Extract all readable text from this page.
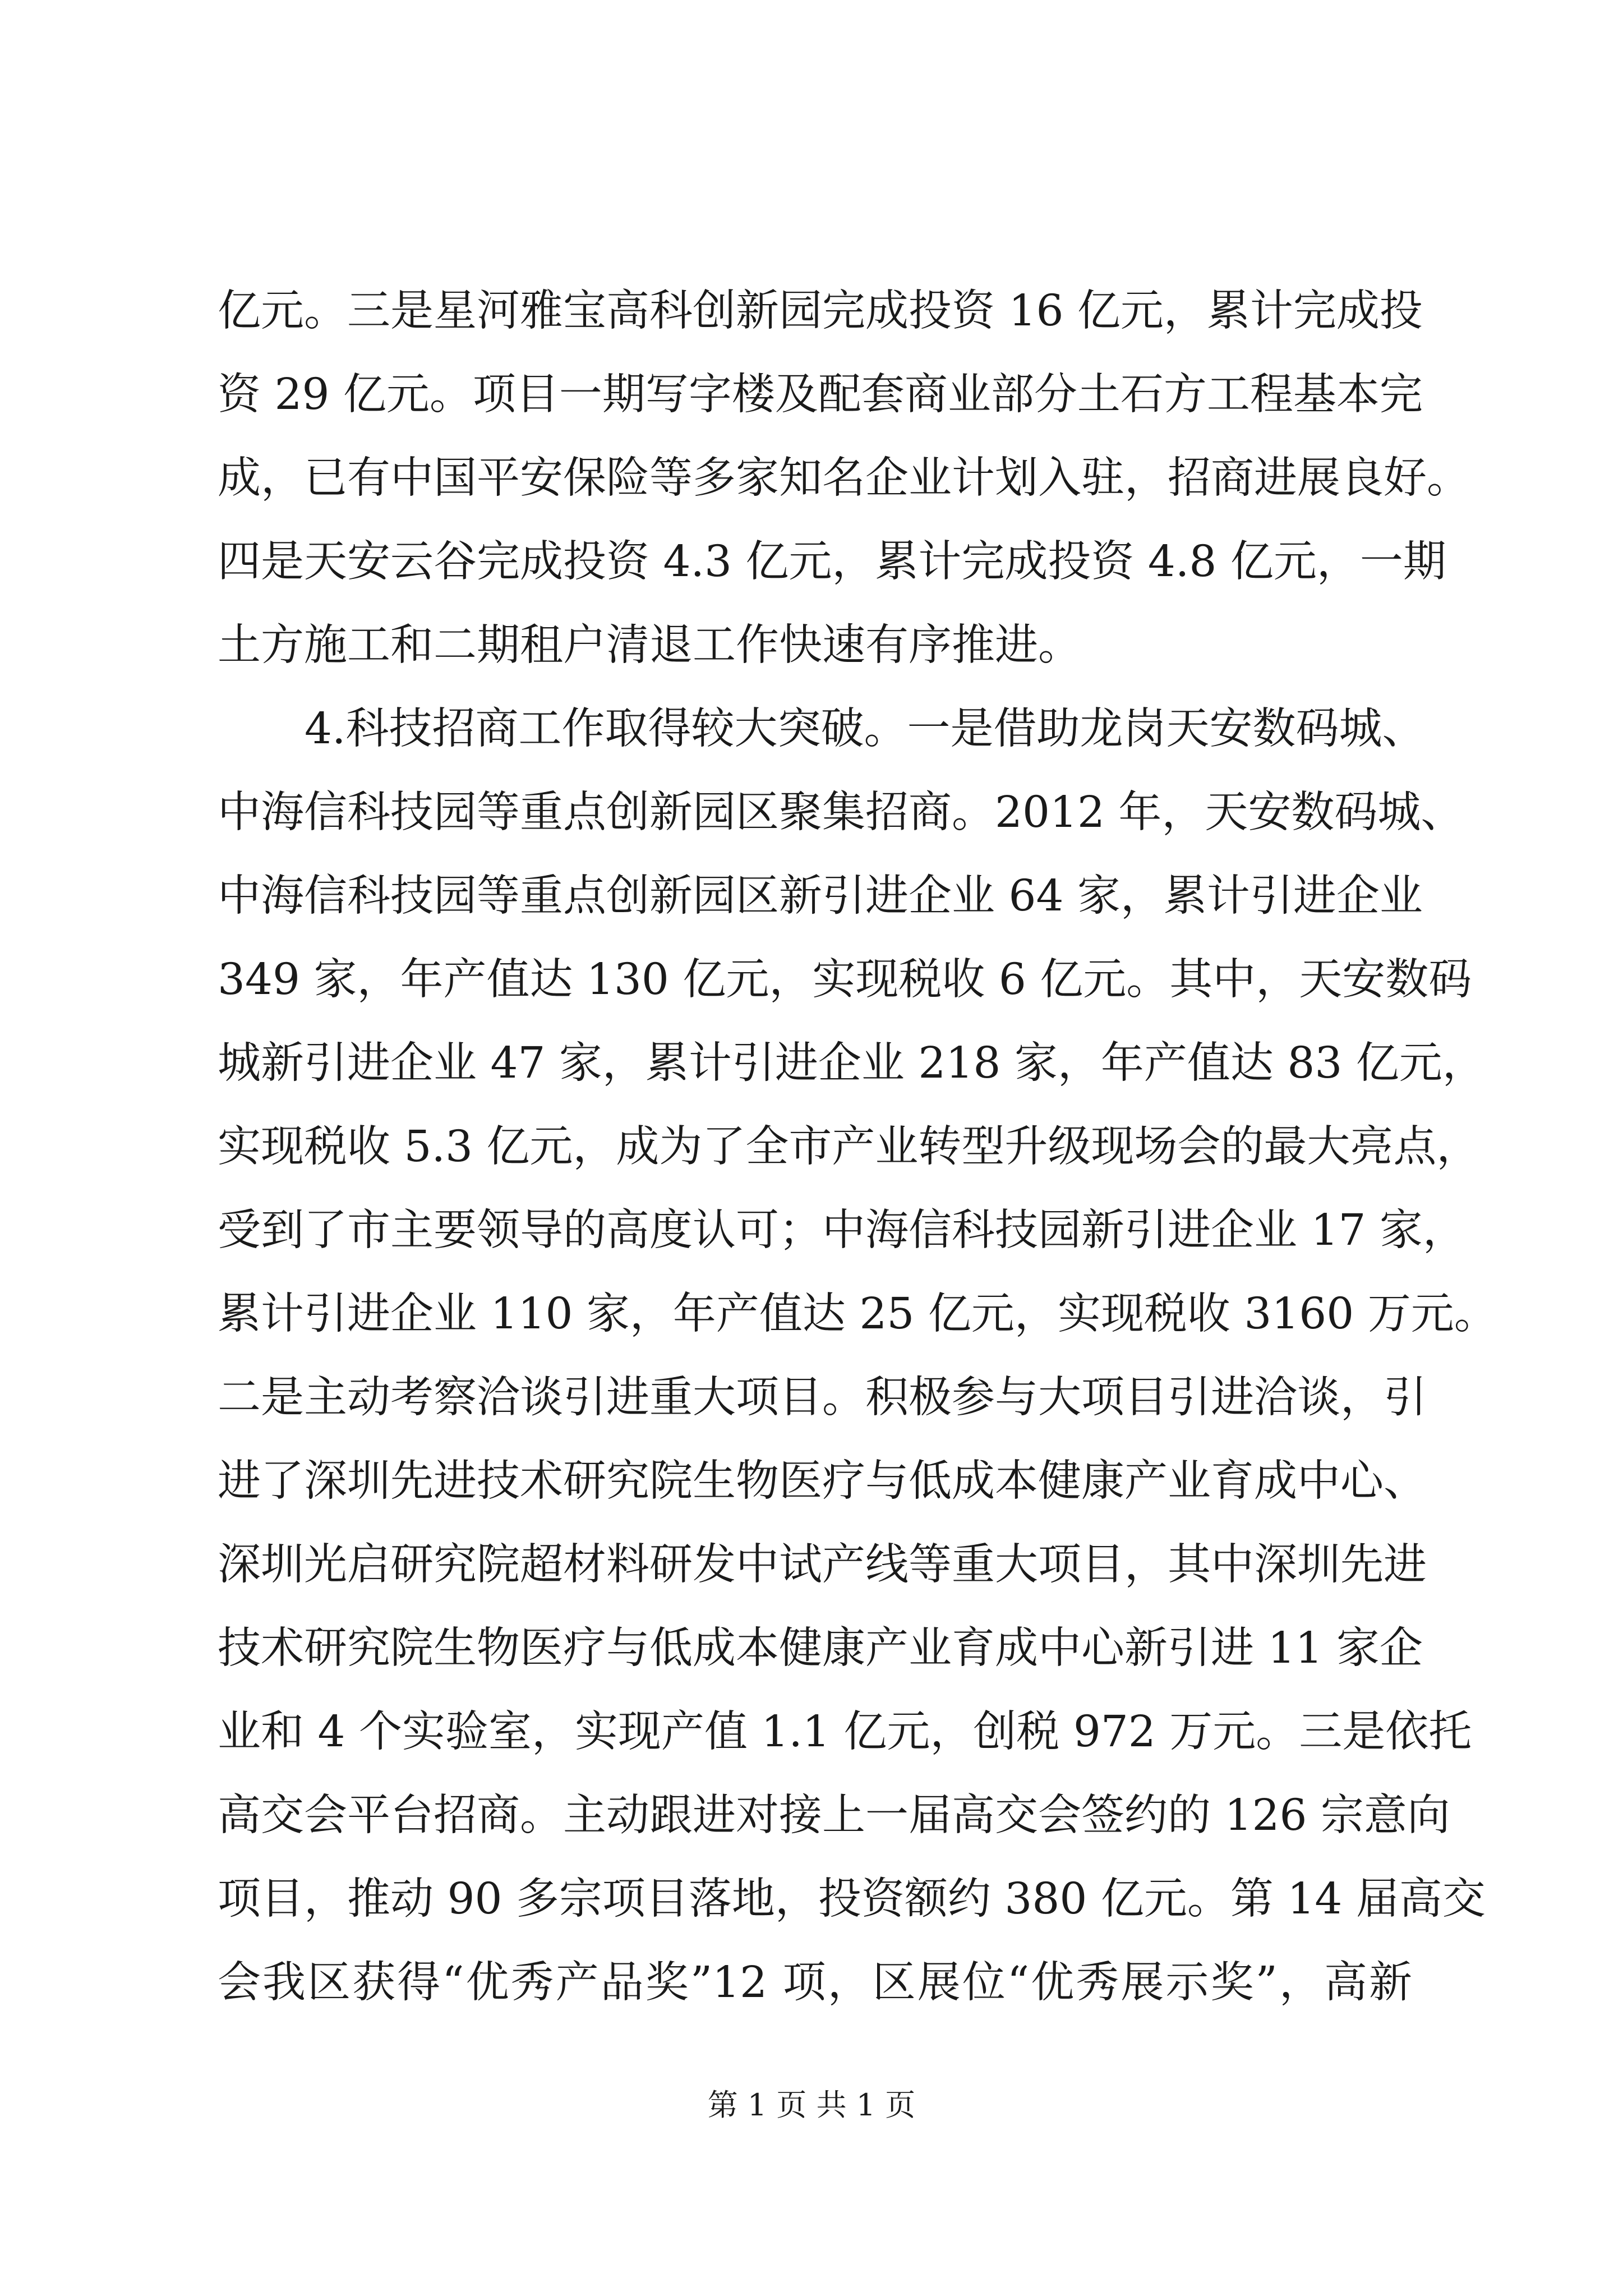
亿元。三是星河雅宝高科创新园完成投资 16 亿元，累计完成投
资 29 亿元。项目一期写字楼及配套商业部分土石方工程基本完
成，已有中国平安保险等多家知名企业计划入驻，招商进展良好。
四是天安云谷完成投资 4.3 亿元，累计完成投资 4.8 亿元，一期
土方施工和二期租户清退工作快速有序推进。
4.科技招商工作取得较大突破。一是借助龙岗天安数码城、
中海信科技园等重点创新园区聚集招商。2012 年，天安数码城、
中海信科技园等重点创新园区新引进企业 64 家，累计引进企业
349 家，年产值达 130 亿元，实现税收 6 亿元。其中，天安数码
城新引进企业 47 家，累计引进企业 218 家，年产值达 83 亿元，
实现税收 5.3 亿元，成为了全市产业转型升级现场会的最大亮点，
受到了市主要领导的高度认可；中海信科技园新引进企业 17 家，
累计引进企业 110 家，年产值达 25 亿元，实现税收 3160 万元。
二是主动考察洽谈引进重大项目。积极参与大项目引进洽谈，引
进了深圳先进技术研究院生物医疗与低成本健康产业育成中心、
深圳光启研究院超材料研发中试产线等重大项目，其中深圳先进
技术研究院生物医疗与低成本健康产业育成中心新引进 11 家企
业和 4 个实验室，实现产值 1.1 亿元，创税 972 万元。三是依托
高交会平台招商。主动跟进对接上一届高交会签约的 126 宗意向
项目，推动 90 多宗项目落地，投资额约 380 亿元。第 14 届高交
会我区获得“优秀产品奖”12 项，区展位“优秀展示奖”，高新
第 1 页 共 1 页
